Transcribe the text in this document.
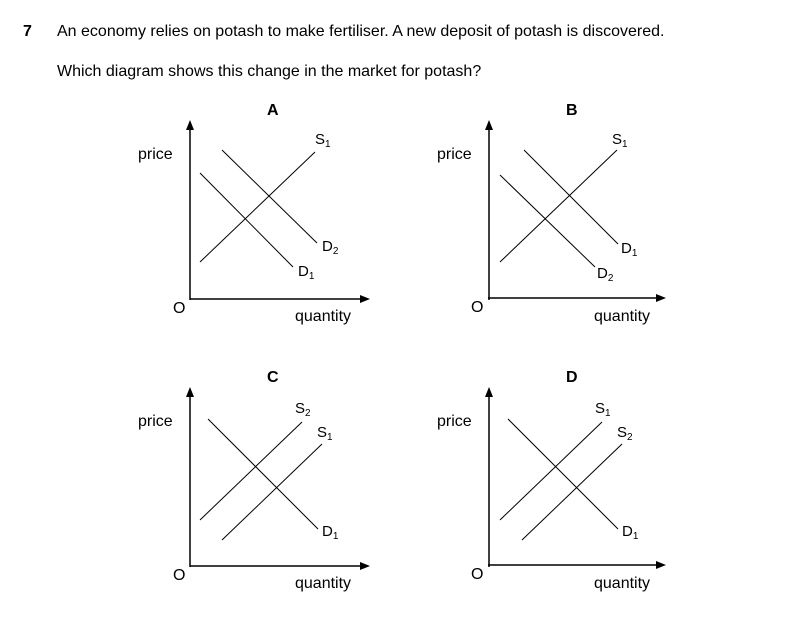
7 An economy relies on potash to make fertiliser. A new deposit of potash is discovered.
Which diagram shows this change in the market for potash?
A
price
O	quantity
$S_1$
$D_2$
$D_1$
B
price
O
quantity
$S_1$
$D_1$
$D_2$
C
price
O	quantity
$S_2$
$S_1$
$D_1$
D
price
O
quantity
$S_1$
$S_2$
$D_1$
